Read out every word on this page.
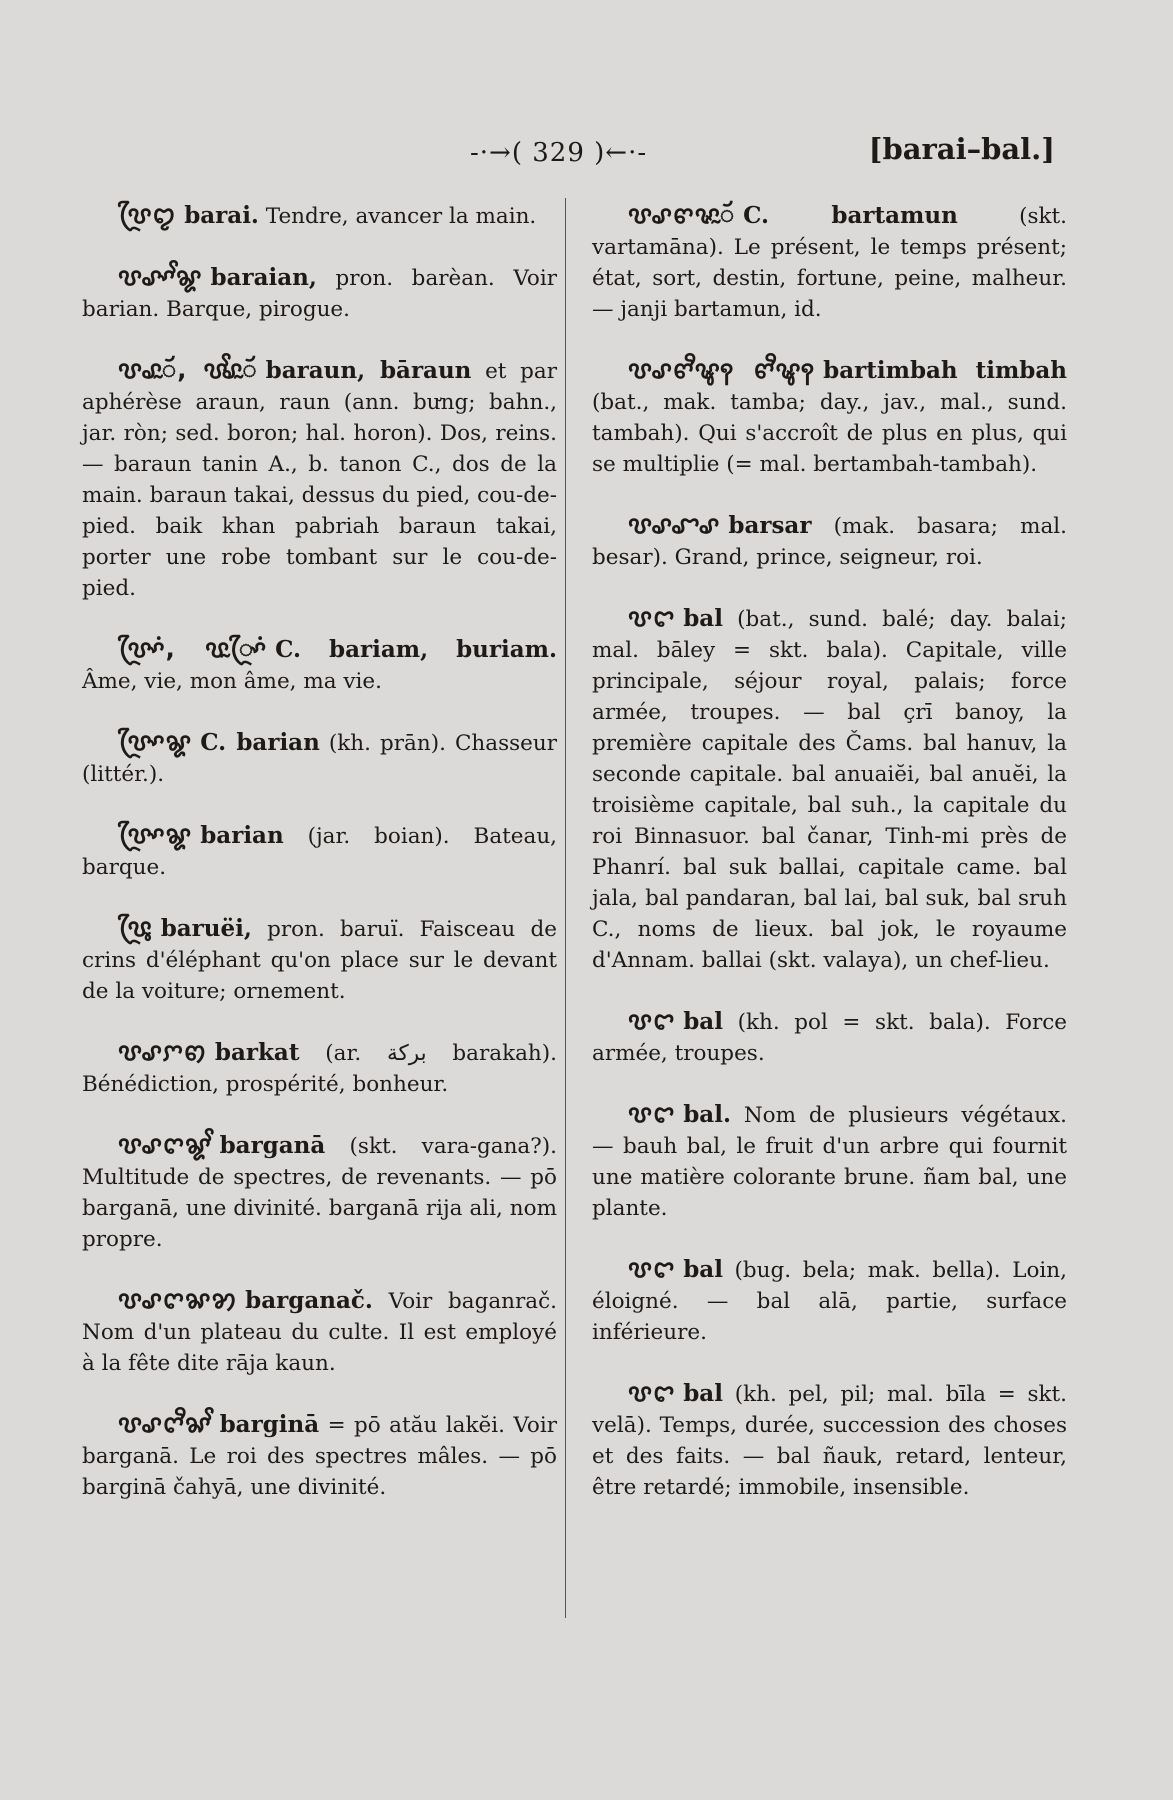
-·→( 329 )←·-	[barai–bal.]
ꨝꨴꨄ barai. Tendre, avancer la main.
ꨝꨣꨳꨩꨘ baraian, pron. barèan. Voir barian. Barque, pirogue.
ꨝꨣꨭꨮ, ꨝꨩꨣꨭꨮ baraun, bāraun et par aphérèse araun, raun (ann. bưng; bahn., jar. ròn; sed. boron; hal. horon). Dos, reins. — baraun tanin A., b. tanon C., dos de la main. baraun takai, dessus du pied, cou-de-pied. baik khan pabriah baraun takai, porter une robe tombant sur le cou-de-pied.
ꨝꨴꨳꩌ, ꨝꨭꨴꨳꩌ C. bariam, buriam. Âme, vie, mon âme, ma vie.
ꨝꨴꨳꨘ C. barian (kh. prān). Chasseur (littér.).
ꨝꨴꨳꨘ barian (jar. boian). Bateau, barque.
ꨝꨴꨶ baruëi, pron. baruï. Faisceau de crins d'éléphant qu'on place sur le devant de la voiture; ornement.
ꨝꨣꨆꩅ barkat (ar. بركة barakah). Bénédiction, prospérité, bonheur.
ꨝꨣꨈꨘꨩ barganā (skt. vara-gana?). Multitude de spectres, de revenants. — pō barganā, une divinité. barganā rija ali, nom propre.
ꨝꨣꨈꨗꩄ barganač. Voir baganrač. Nom d'un plateau du culte. Il est employé à la fête dite rāja kaun.
ꨝꨣꨈꨪꨗꨩ barginā = pō atău lakĕi. Voir barganā. Le roi des spectres mâles. — pō barginā čahyā, une divinité.
ꨝꨣꨓꨟꨭꨮ C. bartamun	(skt. vartamāna). Le présent, le temps présent; état, sort, destin, fortune, peine, malheur. — janji bartamun, id.
ꨝꨣꨓꨪꨡꩍ ꨓꨪꨡꩍ bartimbah timbah (bat., mak. tamba; day., jav., mal., sund. tambah). Qui s'accroît de plus en plus, qui se multiplie (= mal. bertambah-tambah).
ꨝꨣꨧꨣ barsar (mak. basara; mal. besar). Grand, prince, seigneur, roi.
ꨝꨤ bal (bat., sund. balé; day. balai; mal. bāley = skt. bala). Capitale, ville principale, séjour royal, palais; force armée, troupes. — bal çrī banoy, la première capitale des Čams. bal hanuv, la seconde capitale. bal anuaiĕi, bal anuĕi, la troisième capitale, bal suh., la capitale du roi Binnasuor. bal čanar, Tinh-mi près de Phanrí. bal suk ballai, capitale came. bal jala, bal pandaran, bal lai, bal suk, bal sruh C., noms de lieux. bal jok, le royaume d'Annam. ballai (skt. valaya), un chef-lieu.
ꨝꨤ bal (kh. pol = skt. bala). Force armée, troupes.
ꨝꨤ bal. Nom de plusieurs végétaux. — bauh bal, le fruit d'un arbre qui fournit une matière colorante brune. ñam bal, une plante.
ꨝꨤ bal (bug. bela; mak. bella). Loin, éloigné. — bal alā, partie, surface inférieure.
ꨝꨤ bal (kh. pel, pil; mal. bīla = skt. velā). Temps, durée, succession des choses et des faits. — bal ñauk, retard, lenteur, être retardé; immobile, insensible.
